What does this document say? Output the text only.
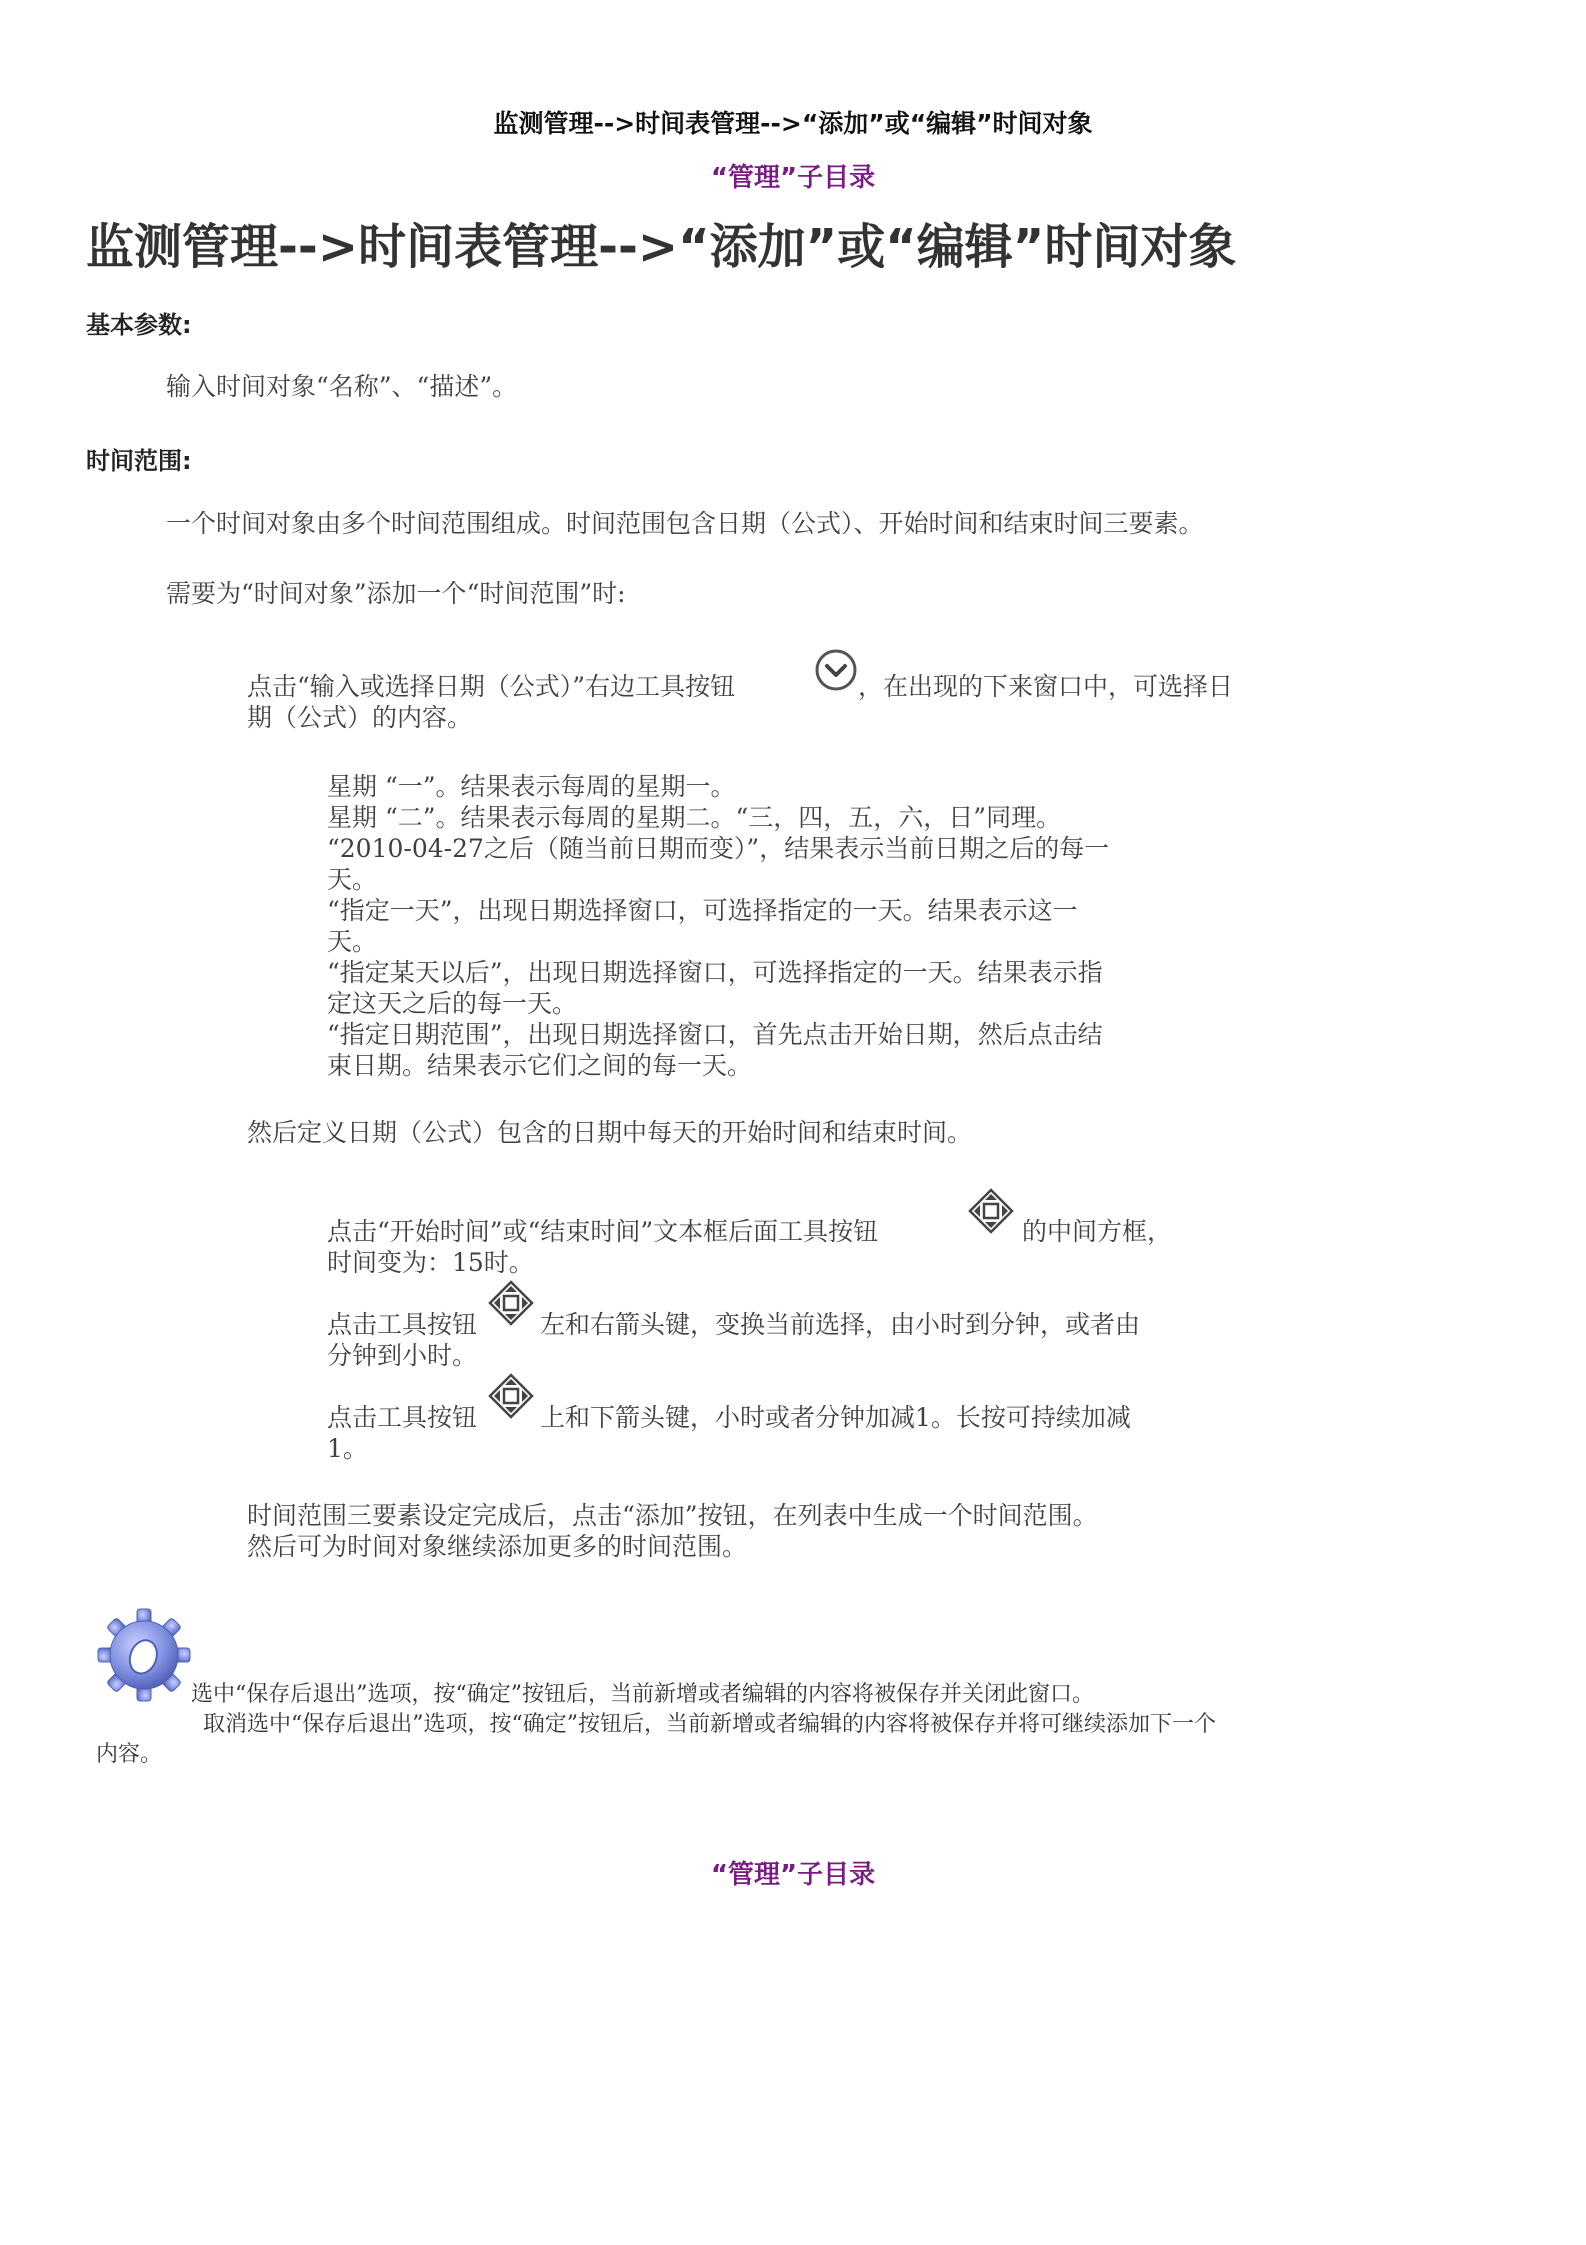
监测管理-->时间表管理-->“添加”或“编辑”时间对象
“管理”子目录
监测管理-->时间表管理-->“添加”或“编辑”时间对象
基本参数:
输入时间对象“名称”、“描述”。
时间范围:
一个时间对象由多个时间范围组成。时间范围包含日期（公式）、开始时间和结束时间三要素。
需要为“时间对象”添加一个“时间范围”时:
点击“输入或选择日期（公式）”右边工具按钮	，在出现的下来窗口中，可选择日
期（公式）的内容。
星期 “一”。结果表示每周的星期一。
星期 “二”。结果表示每周的星期二。“三，四，五，六，日”同理。
“2010-04-27之后（随当前日期而变）”，结果表示当前日期之后的每一
天。
“指定一天”，出现日期选择窗口，可选择指定的一天。结果表示这一
天。
“指定某天以后”，出现日期选择窗口，可选择指定的一天。结果表示指
定这天之后的每一天。
“指定日期范围”，出现日期选择窗口，首先点击开始日期，然后点击结
束日期。结果表示它们之间的每一天。
然后定义日期（公式）包含的日期中每天的开始时间和结束时间。
点击“开始时间”或“结束时间”文本框后面工具按钮	的中间方框，
时间变为：15时。
点击工具按钮	左和右箭头键，变换当前选择，由小时到分钟，或者由
分钟到小时。
点击工具按钮	上和下箭头键，小时或者分钟加减1。长按可持续加减
1。
时间范围三要素设定完成后，点击“添加”按钮，在列表中生成一个时间范围。
然后可为时间对象继续添加更多的时间范围。
选中“保存后退出”选项，按“确定”按钮后，当前新增或者编辑的内容将被保存并关闭此窗口。
取消选中“保存后退出”选项，按“确定”按钮后，当前新增或者编辑的内容将被保存并将可继续添加下一个
内容。
“管理”子目录
